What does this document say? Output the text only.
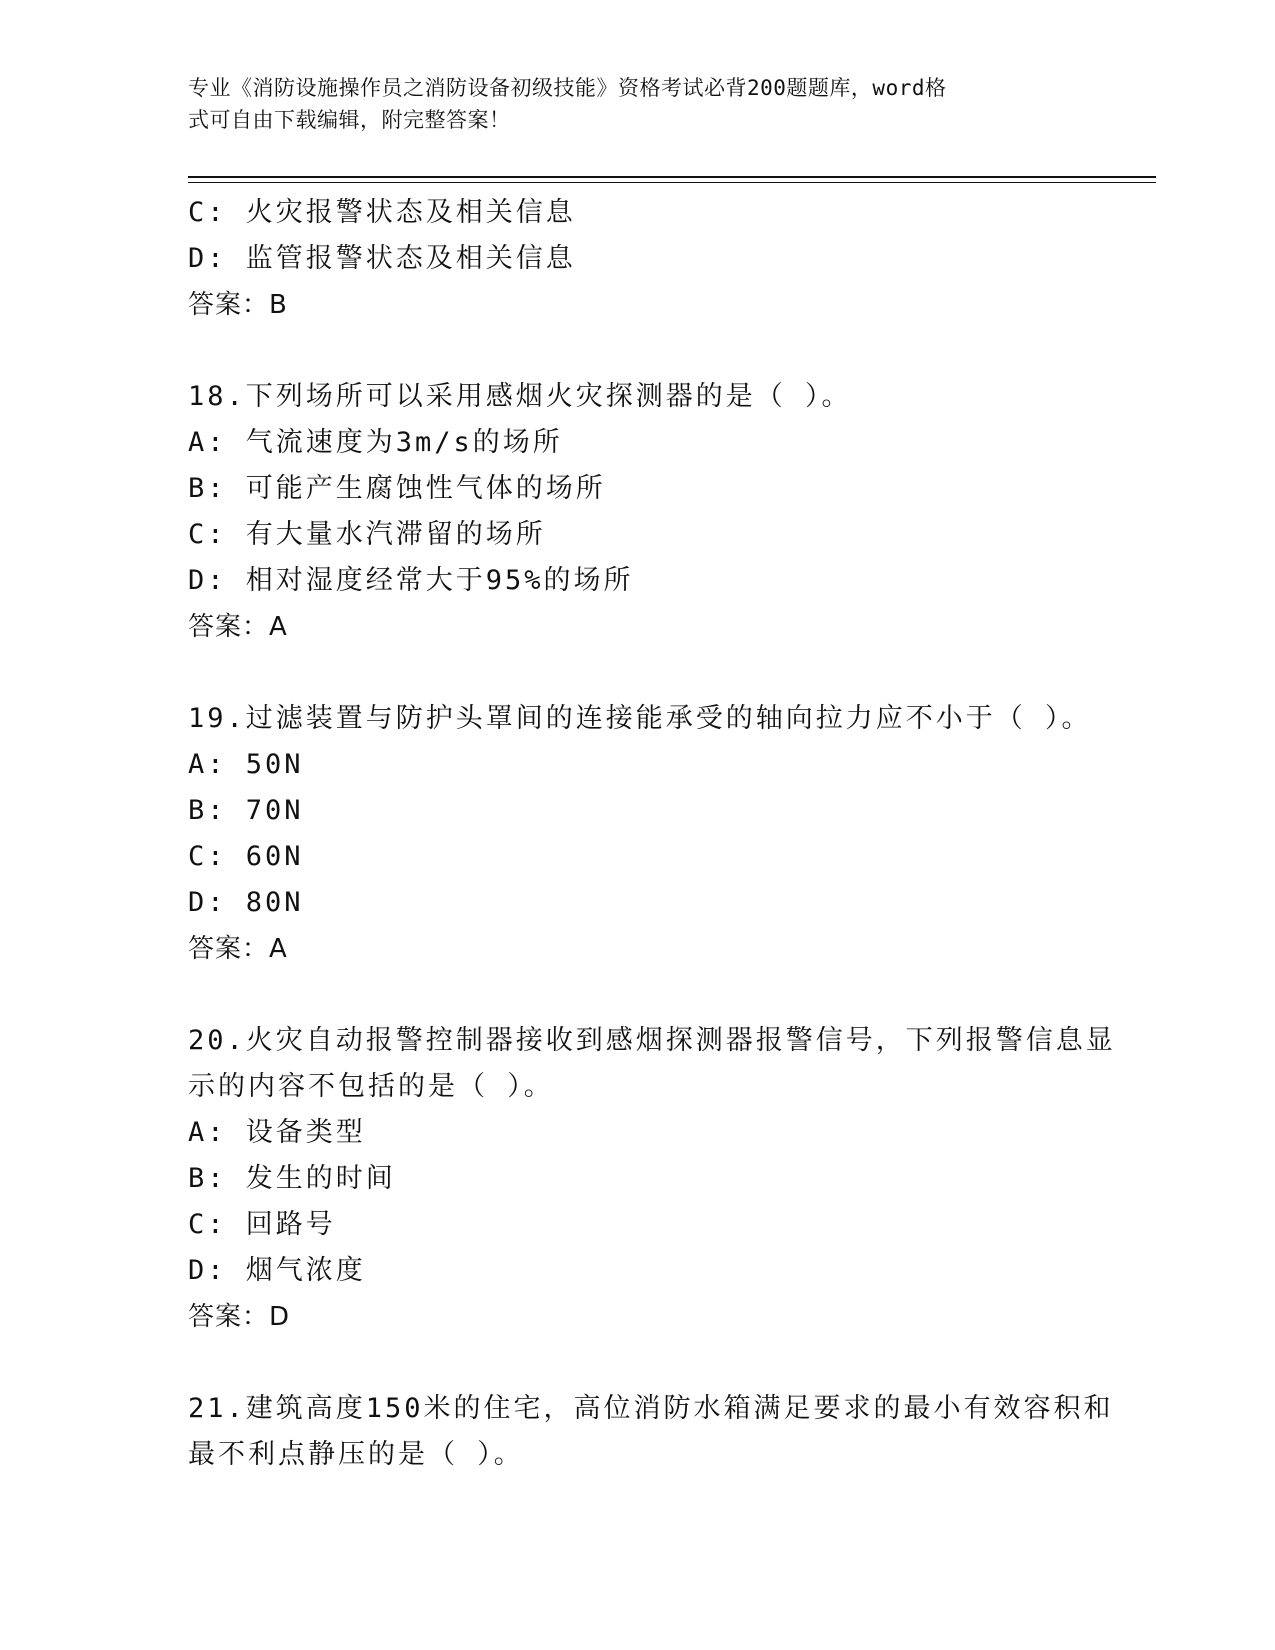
专业《消防设施操作员之消防设备初级技能》资格考试必背200题题库，word格
式可自由下载编辑，附完整答案！
C: 火灾报警状态及相关信息
D: 监管报警状态及相关信息
答案：B
18.下列场所可以采用感烟火灾探测器的是（ ）。
A: 气流速度为3m/s的场所
B: 可能产生腐蚀性气体的场所
C: 有大量水汽滞留的场所
D: 相对湿度经常大于95%的场所
答案：A
19.过滤装置与防护头罩间的连接能承受的轴向拉力应不小于（ ）。
A: 50N
B: 70N
C: 60N
D: 80N
答案：A
20.火灾自动报警控制器接收到感烟探测器报警信号，下列报警信息显
示的内容不包括的是（ ）。
A: 设备类型
B: 发生的时间
C: 回路号
D: 烟气浓度
答案：D
21.建筑高度150米的住宅，高位消防水箱满足要求的最小有效容积和
最不利点静压的是（ ）。
